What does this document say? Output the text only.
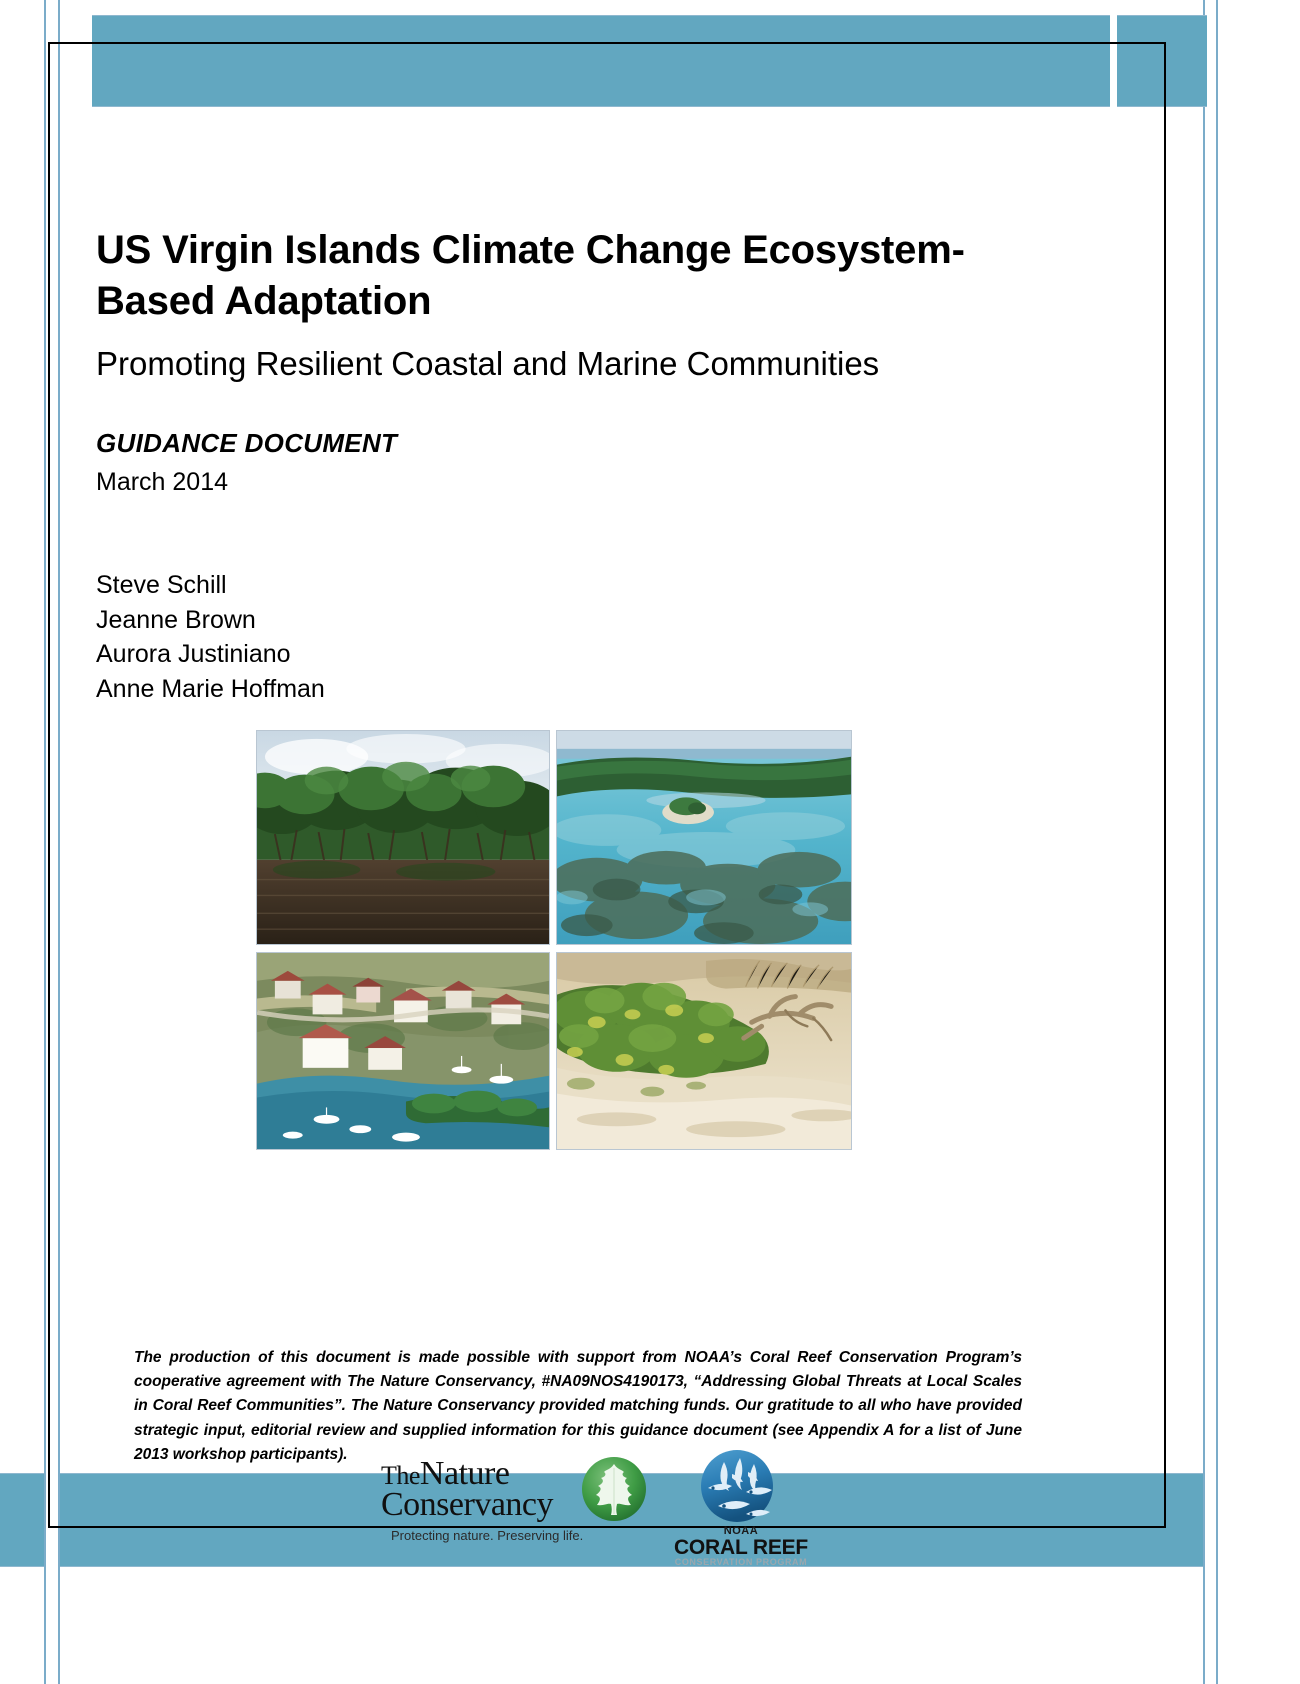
US Virgin Islands Climate Change Ecosystem-Based Adaptation
Promoting Resilient Coastal and Marine Communities
GUIDANCE DOCUMENT
March 2014
Steve Schill
Jeanne Brown
Aurora Justiniano
Anne Marie Hoffman

The production of this document is made possible with support from NOAA’s Coral Reef Conservation Program’s cooperative agreement with The Nature Conservancy, #NA09NOS4190173, “Addressing Global Threats at Local Scales in Coral Reef Communities”. The Nature Conservancy provided matching funds. Our gratitude to all who have provided strategic input, editorial review and supplied information for this guidance document (see Appendix A for a list of June 2013 workshop participants).

TheNature
Conservancy
Protecting nature. Preserving life.	NOAA
CORAL REEF
CONSERVATION PROGRAM
